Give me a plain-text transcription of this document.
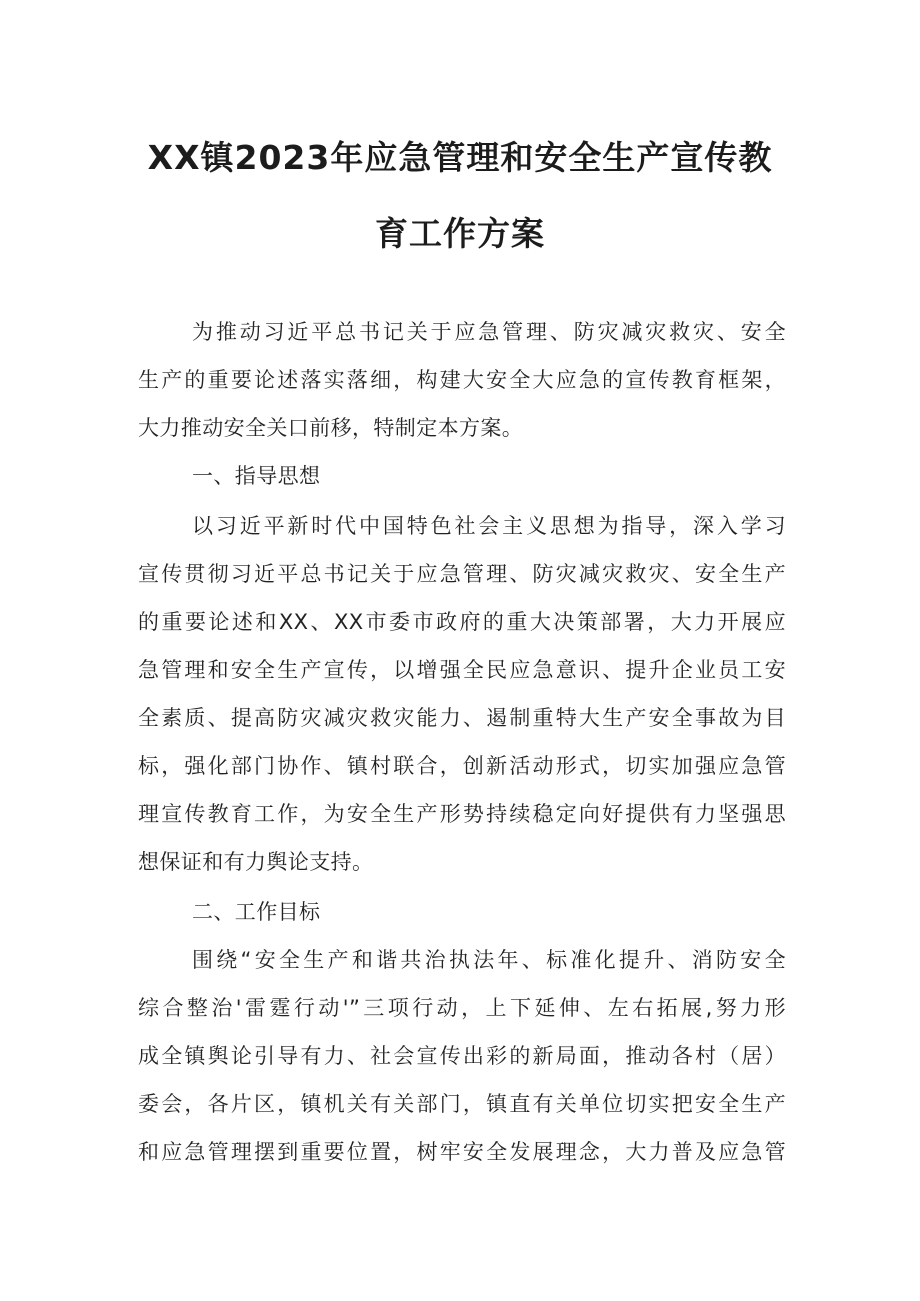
XX镇2023年应急管理和安全生产宣传教
育工作方案
为推动习近平总书记关于应急管理、防灾减灾救灾、安全
生产的重要论述落实落细，构建大安全大应急的宣传教育框架，
大力推动安全关口前移，特制定本方案。
一、指导思想
以习近平新时代中国特色社会主义思想为指导，深入学习
宣传贯彻习近平总书记关于应急管理、防灾减灾救灾、安全生产
的重要论述和XX、XX市委市政府的重大决策部署，大力开展应
急管理和安全生产宣传，以增强全民应急意识、提升企业员工安
全素质、提高防灾减灾救灾能力、遏制重特大生产安全事故为目
标，强化部门协作、镇村联合，创新活动形式，切实加强应急管
理宣传教育工作，为安全生产形势持续稳定向好提供有力坚强思
想保证和有力舆论支持。
二、工作目标
围绕“安全生产和谐共治执法年、标准化提升、消防安全
综合整治'雷霆行动'”三项行动，上下延伸、左右拓展,努力形
成全镇舆论引导有力、社会宣传出彩的新局面，推动各村（居）
委会，各片区，镇机关有关部门，镇直有关单位切实把安全生产
和应急管理摆到重要位置，树牢安全发展理念，大力普及应急管
